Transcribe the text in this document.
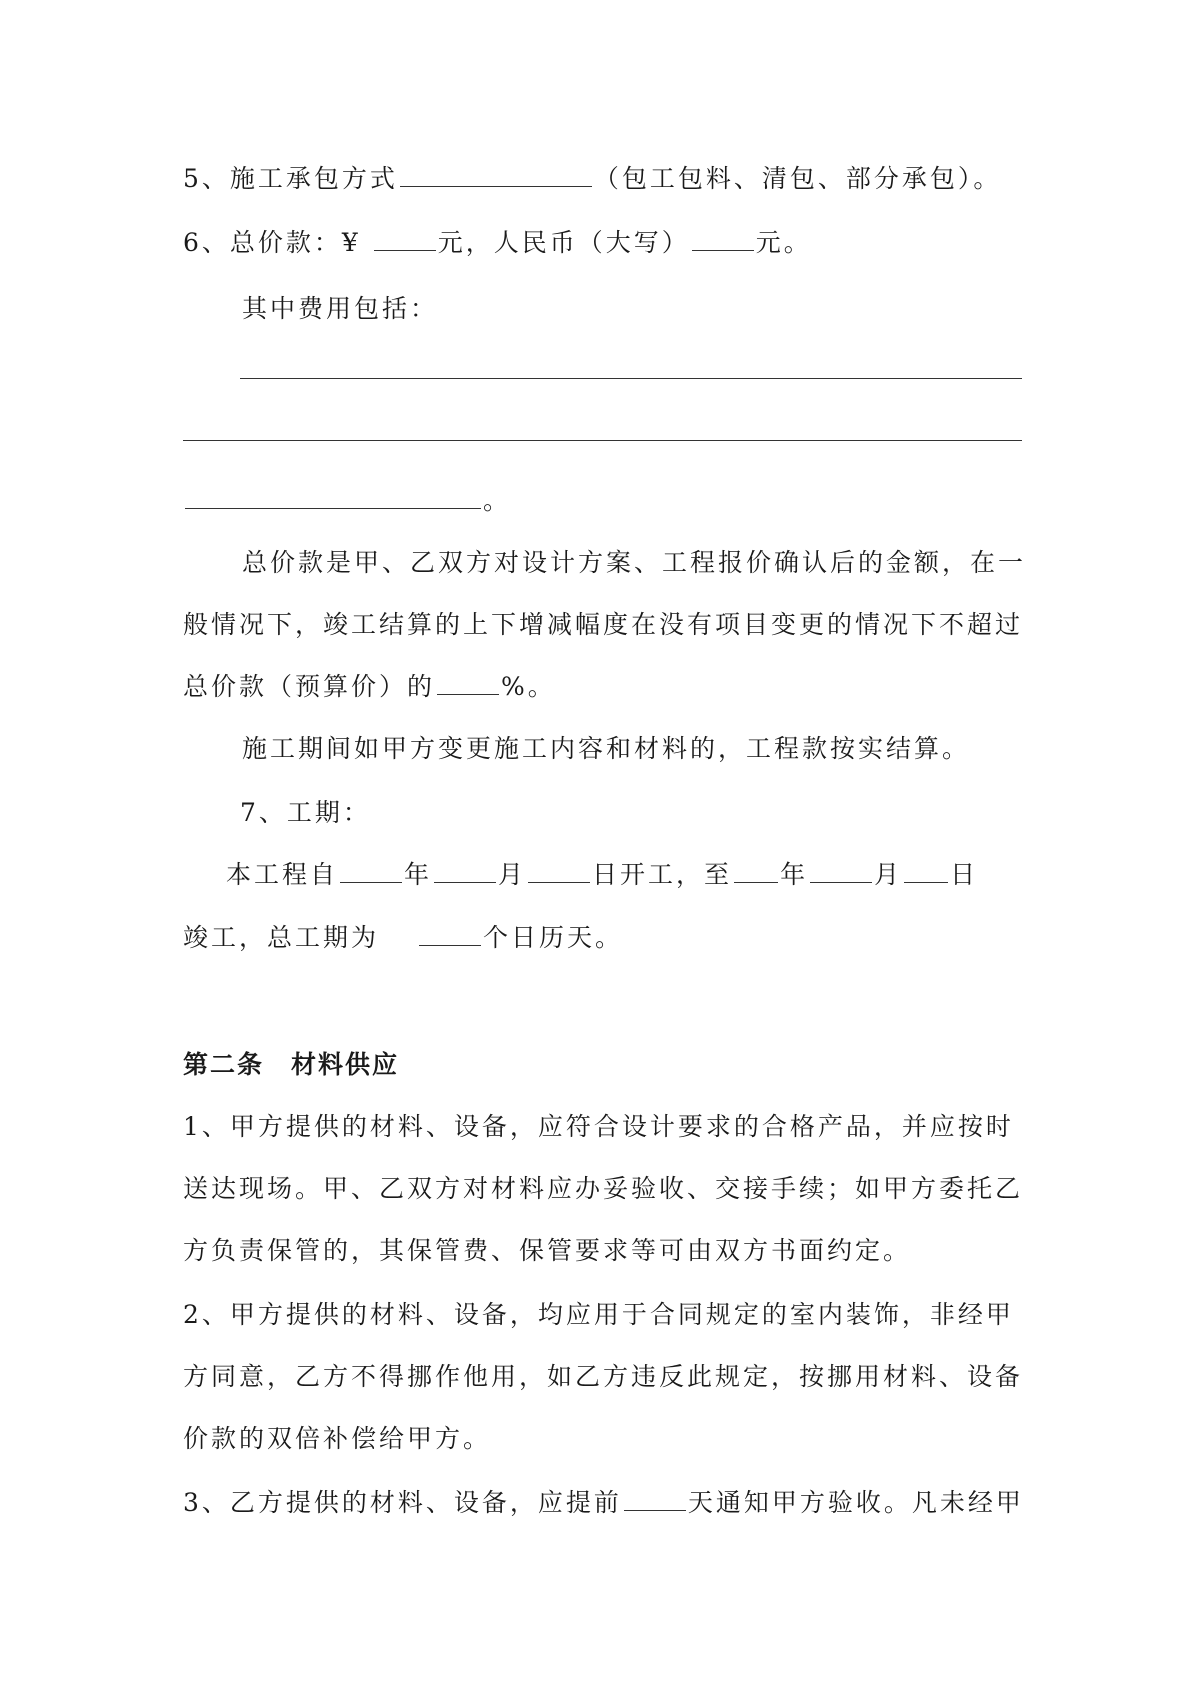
5、施工承包方式	（包工包料、清包、部分承包）。
6、总价款：¥	元，人民币（大写）	元。
其中费用包括：
。
总价款是甲、乙双方对设计方案、工程报价确认后的金额，在一
般情况下，竣工结算的上下增减幅度在没有项目变更的情况下不超过
总价款（预算价）的	%。
施工期间如甲方变更施工内容和材料的，工程款按实结算。
7、工期：
本工程自	年	月	日开工，至 年	月 日
竣工，总工期为	个日历天。
第二条　材料供应
1、甲方提供的材料、设备，应符合设计要求的合格产品，并应按时
送达现场。甲、乙双方对材料应办妥验收、交接手续；如甲方委托乙
方负责保管的，其保管费、保管要求等可由双方书面约定。
2、甲方提供的材料、设备，均应用于合同规定的室内装饰，非经甲
方同意，乙方不得挪作他用，如乙方违反此规定，按挪用材料、设备
价款的双倍补偿给甲方。
3、乙方提供的材料、设备，应提前	天通知甲方验收。凡未经甲
